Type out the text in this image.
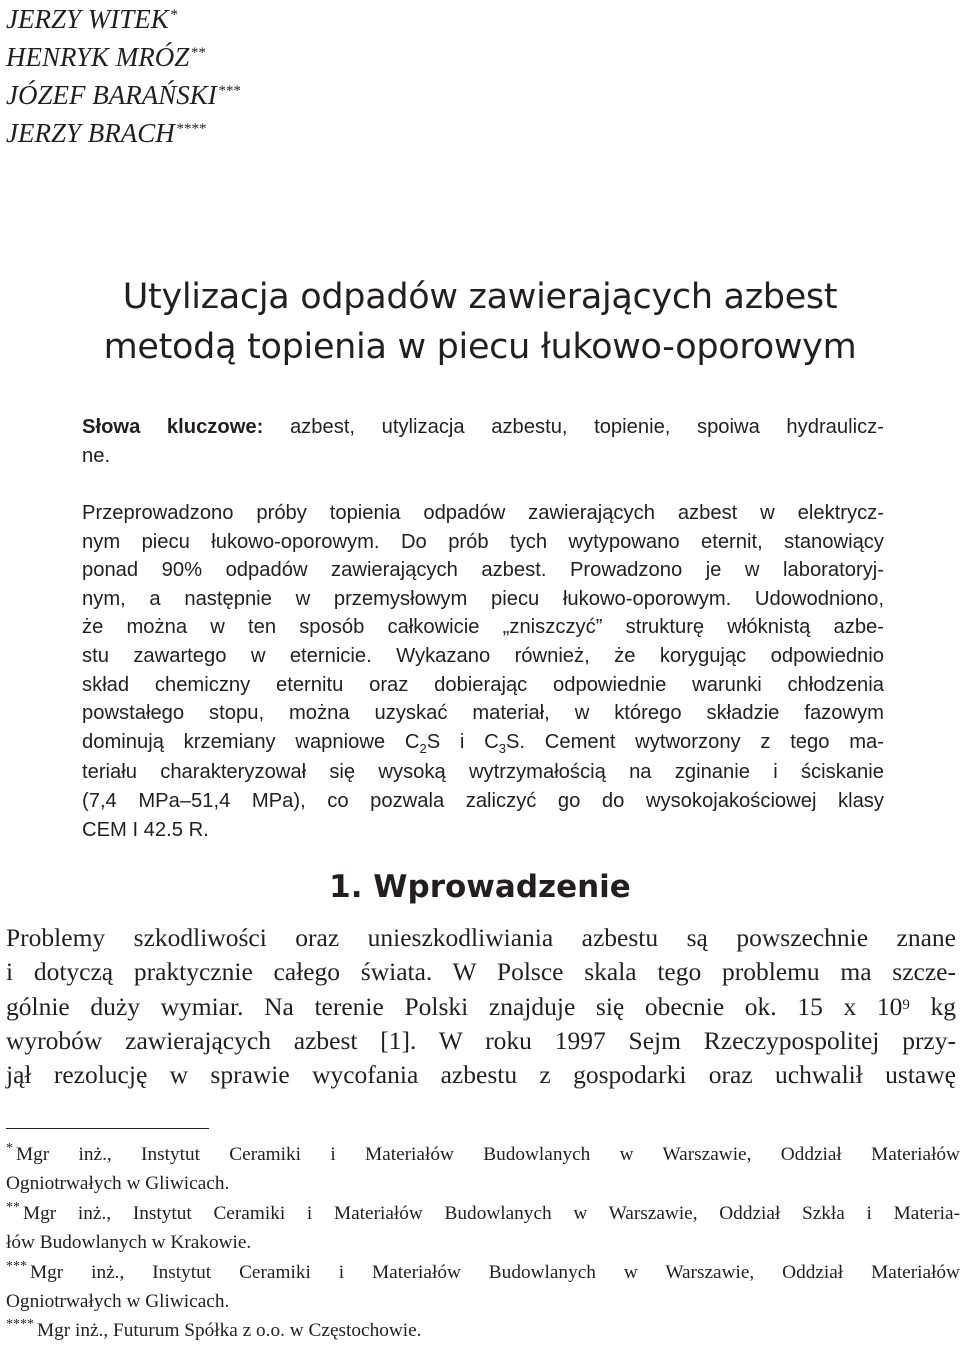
JERZY WITEK*
HENRYK MRÓZ**
JÓZEF BARAŃSKI***
JERZY BRACH****
Utylizacja odpadów zawierających azbest
metodą topienia w piecu łukowo-oporowym
Słowa kluczowe: azbest, utylizacja azbestu, topienie, spoiwa hydraulicz-
ne.
Przeprowadzono próby topienia odpadów zawierających azbest w elektrycz-
nym piecu łukowo-oporowym. Do prób tych wytypowano eternit, stanowiący
ponad 90% odpadów zawierających azbest. Prowadzono je w laboratoryj-
nym, a następnie w przemysłowym piecu łukowo-oporowym. Udowodniono,
że można w ten sposób całkowicie „zniszczyć” strukturę włóknistą azbe-
stu zawartego w eternicie. Wykazano również, że korygując odpowiednio
skład chemiczny eternitu oraz dobierając odpowiednie warunki chłodzenia
powstałego stopu, można uzyskać materiał, w którego składzie fazowym
dominują krzemiany wapniowe $C_2S$ i $C_3S$. Cement wytworzony z tego ma-
teriału charakteryzował się wysoką wytrzymałością na zginanie i ściskanie
(7,4 MPa–51,4 MPa), co pozwala zaliczyć go do wysokojakościowej klasy
CEM I 42.5 R.
1. Wprowadzenie
Problemy szkodliwości oraz unieszkodliwiania azbestu są powszechnie znane
i dotyczą praktycznie całego świata. W Polsce skala tego problemu ma szcze-
gólnie duży wymiar. Na terenie Polski znajduje się obecnie ok. 15 x $10^9$ kg
wyrobów zawierających azbest [1]. W roku 1997 Sejm Rzeczypospolitej przy-
jął rezolucję w sprawie wycofania azbestu z gospodarki oraz uchwalił ustawę
* Mgr inż., Instytut Ceramiki i Materiałów Budowlanych w Warszawie, Oddział Materiałów
Ogniotrwałych w Gliwicach.
** Mgr inż., Instytut Ceramiki i Materiałów Budowlanych w Warszawie, Oddział Szkła i Materia-
łów Budowlanych w Krakowie.
*** Mgr inż., Instytut Ceramiki i Materiałów Budowlanych w Warszawie, Oddział Materiałów
Ogniotrwałych w Gliwicach.
**** Mgr inż., Futurum Spółka z o.o. w Częstochowie.
